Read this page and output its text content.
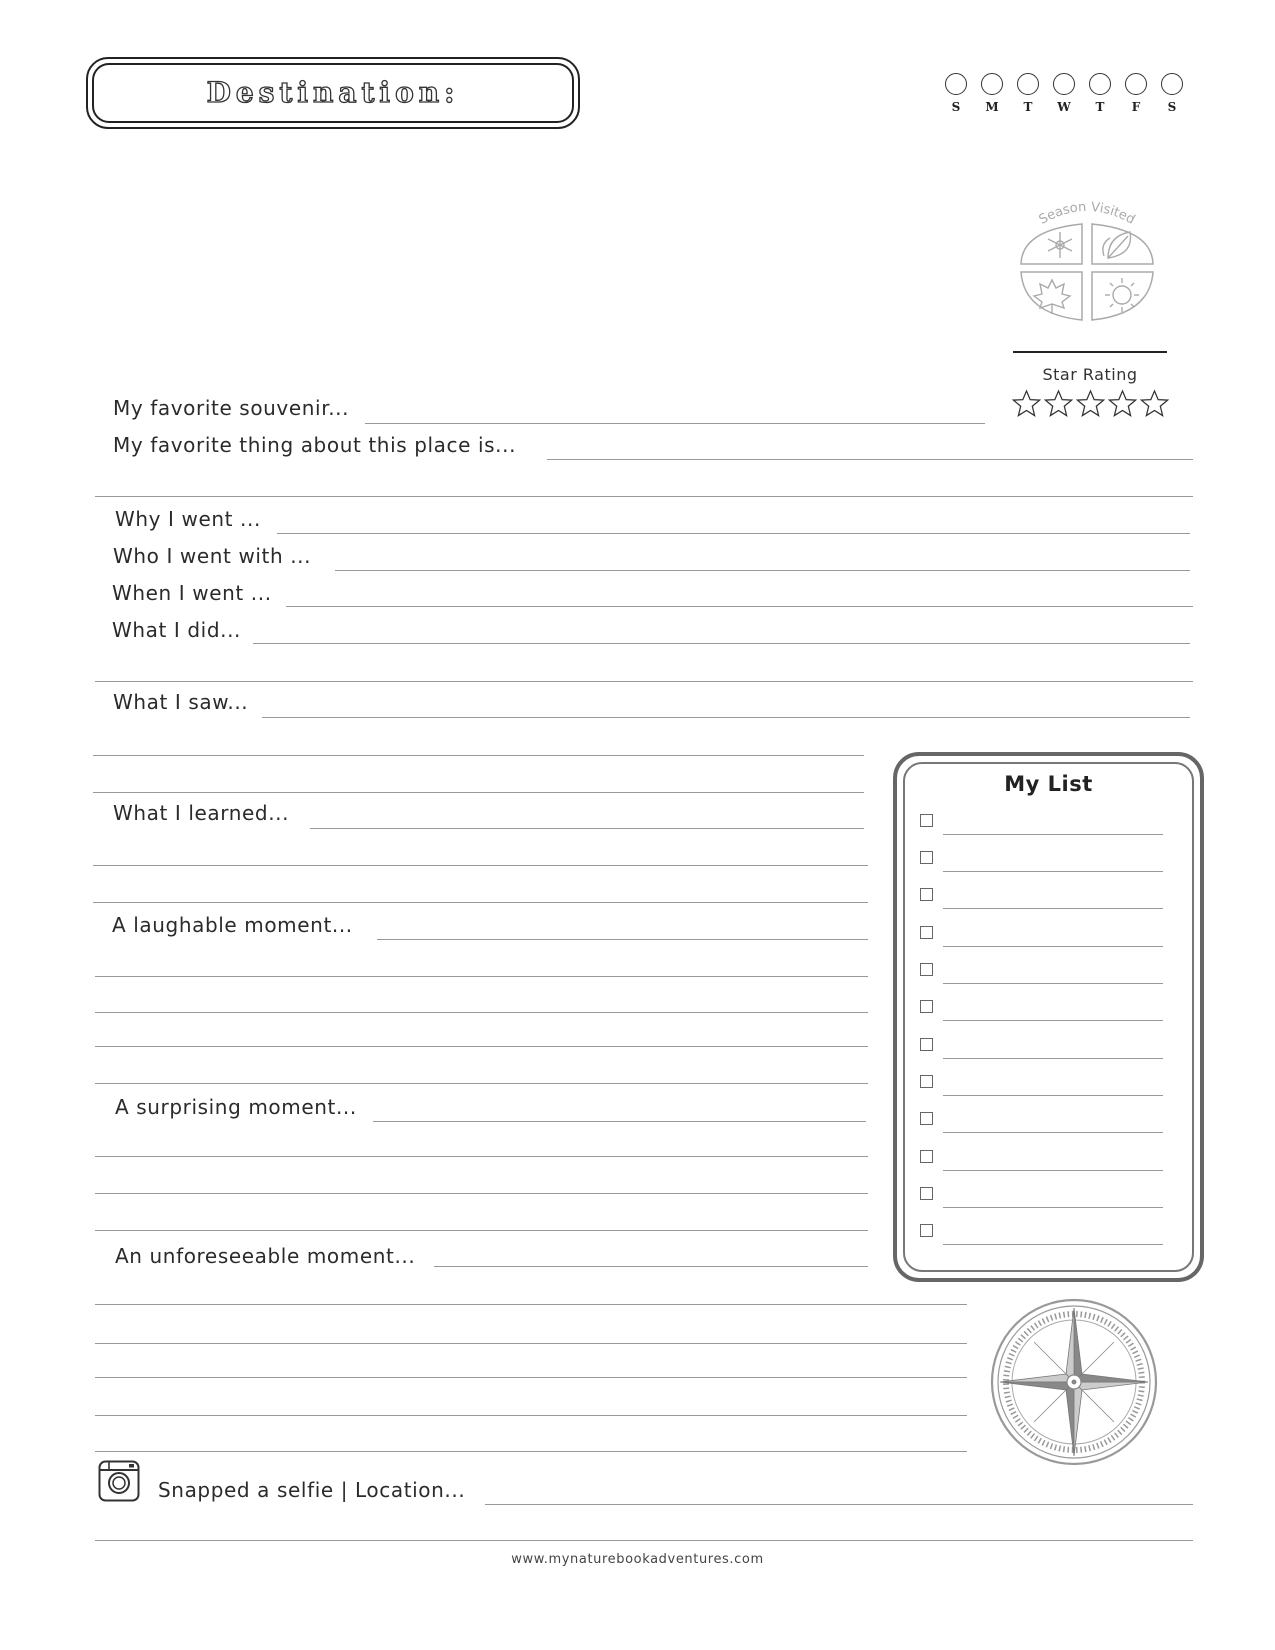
Destination:	S	M	T	W	T	F	S
Season Visited
Star Rating
My favorite souvenir...
My favorite thing about this place is...
Why I went ...
Who I went with ...
When I went ...
What I did...
What I saw...
What I learned...
A laughable moment...
A surprising moment...
An unforeseeable moment...
Snapped a selfie | Location...
My List
www.mynaturebookadventures.com
